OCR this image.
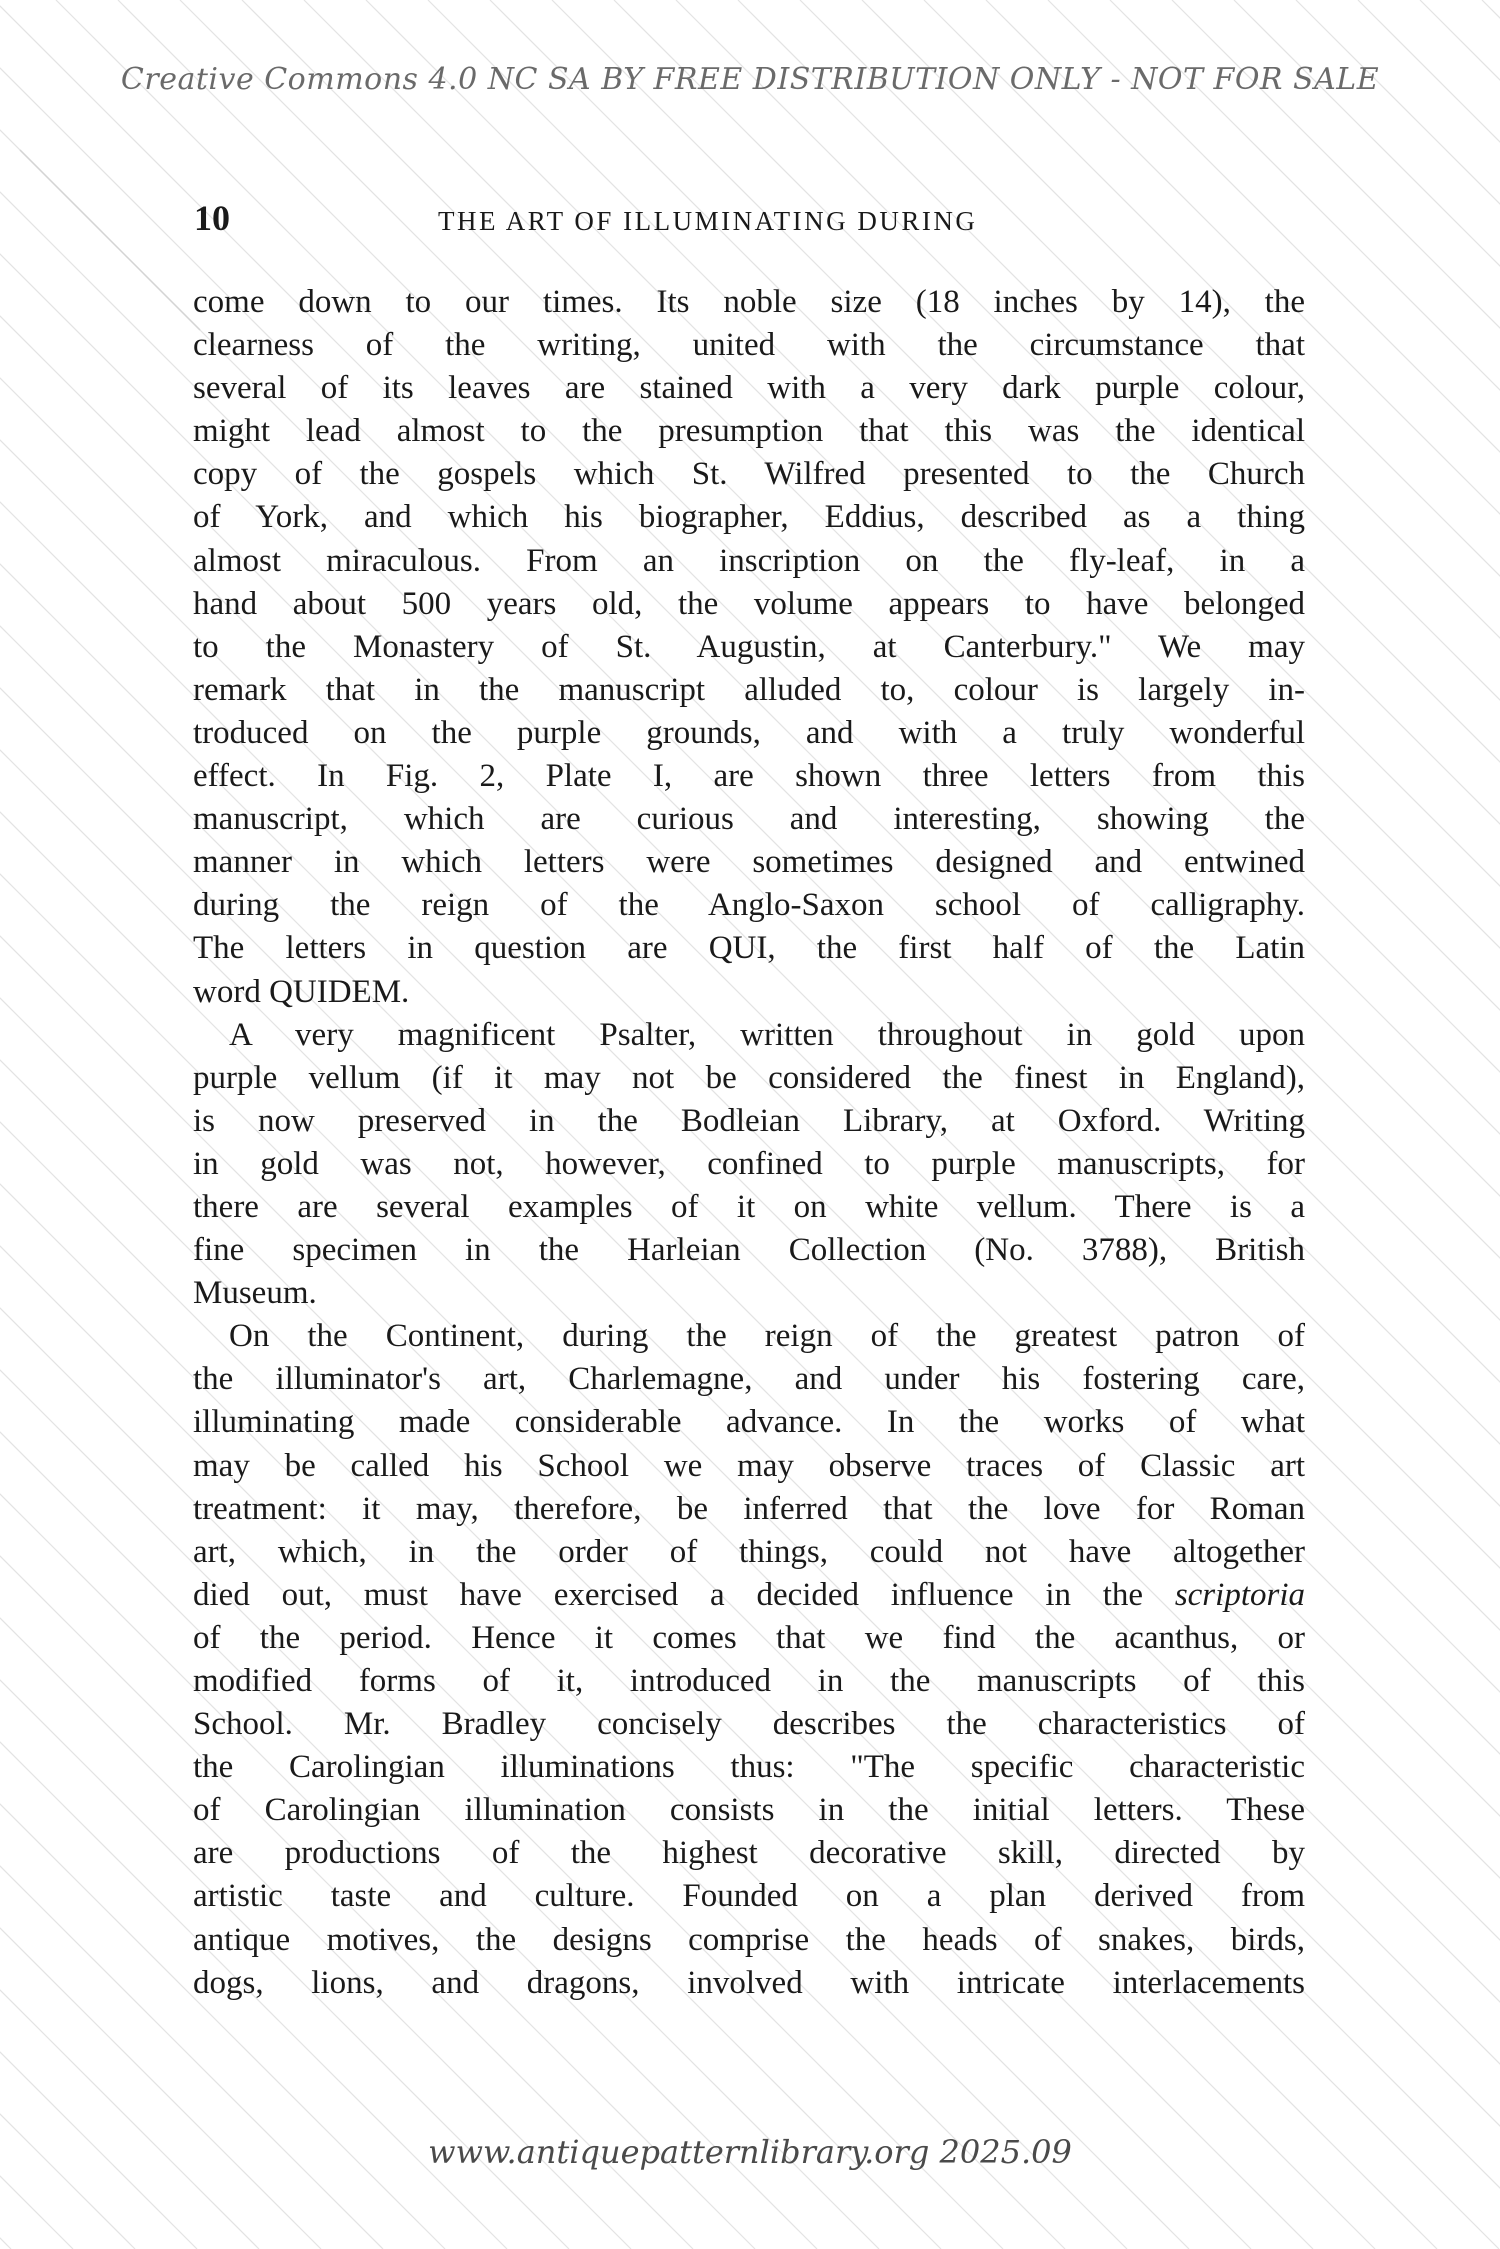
Creative Commons 4.0 NC SA BY FREE DISTRIBUTION ONLY - NOT FOR SALE
10	THE ART OF ILLUMINATING DURING
come down to our times. Its noble size (18 inches by 14), the
clearness of the writing, united with the circumstance that
several of its leaves are stained with a very dark purple colour,
might lead almost to the presumption that this was the identical
copy of the gospels which St. Wilfred presented to the Church
of York, and which his biographer, Eddius, described as a thing
almost miraculous. From an inscription on the fly-leaf, in a
hand about 500 years old, the volume appears to have belonged
to the Monastery of St. Augustin, at Canterbury." We may
remark that in the manuscript alluded to, colour is largely in-
troduced on the purple grounds, and with a truly wonderful
effect. In Fig. 2, Plate I, are shown three letters from this
manuscript, which are curious and interesting, showing the
manner in which letters were sometimes designed and entwined
during the reign of the Anglo-Saxon school of calligraphy.
The letters in question are QUI, the first half of the Latin
word QUIDEM.
A very magnificent Psalter, written throughout in gold upon
purple vellum (if it may not be considered the finest in England),
is now preserved in the Bodleian Library, at Oxford. Writing
in gold was not, however, confined to purple manuscripts, for
there are several examples of it on white vellum. There is a
fine specimen in the Harleian Collection (No. 3788), British
Museum.
On the Continent, during the reign of the greatest patron of
the illuminator's art, Charlemagne, and under his fostering care,
illuminating made considerable advance. In the works of what
may be called his School we may observe traces of Classic art
treatment: it may, therefore, be inferred that the love for Roman
art, which, in the order of things, could not have altogether
died out, must have exercised a decided influence in the scriptoria
of the period. Hence it comes that we find the acanthus, or
modified forms of it, introduced in the manuscripts of this
School. Mr. Bradley concisely describes the characteristics of
the Carolingian illuminations thus: "The specific characteristic
of Carolingian illumination consists in the initial letters. These
are productions of the highest decorative skill, directed by
artistic taste and culture. Founded on a plan derived from
antique motives, the designs comprise the heads of snakes, birds,
dogs, lions, and dragons, involved with intricate interlacements
www.antiquepatternlibrary.org 2025.09
